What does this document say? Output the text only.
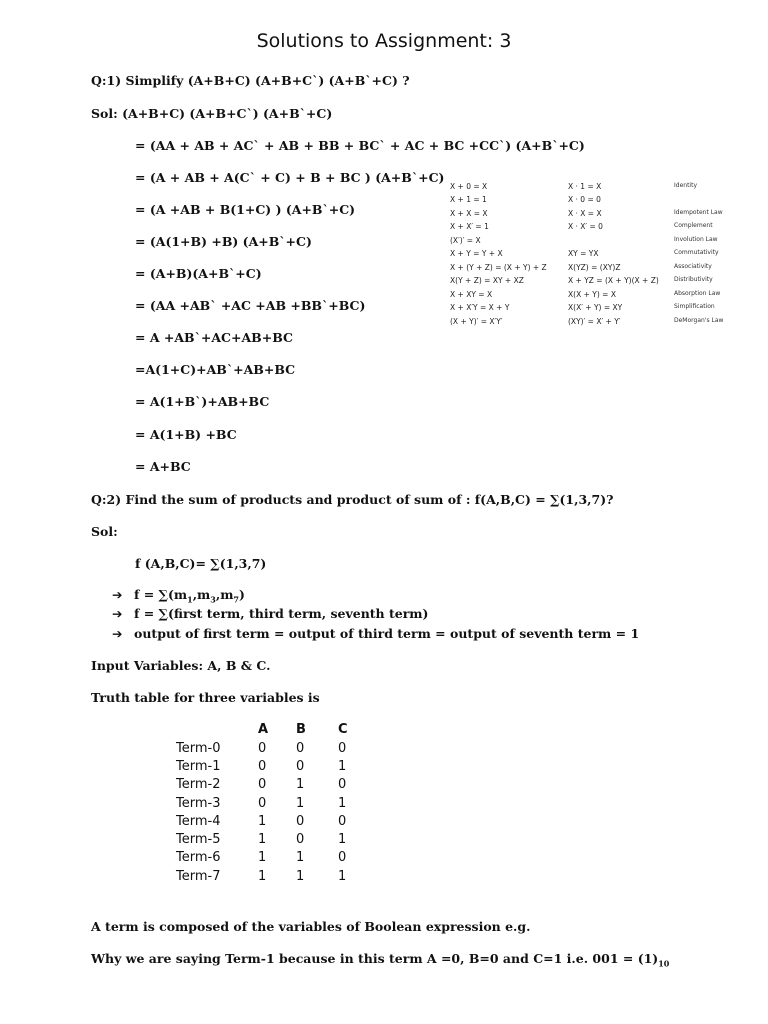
Solutions to Assignment: 3
Q:1) Simplify (A+B+C) (A+B+C`) (A+B`+C) ?
Sol: (A+B+C) (A+B+C`) (A+B`+C)
= (AA + AB + AC` + AB + BB + BC` + AC + BC +CC`) (A+B`+C)
= (A + AB + A(C` + C) + B + BC ) (A+B`+C)
= (A +AB + B(1+C) ) (A+B`+C)
= (A(1+B) +B) (A+B`+C)
= (A+B)(A+B`+C)
= (AA +AB` +AC +AB +BB`+BC)
= A +AB`+AC+AB+BC
=A(1+C)+AB`+AB+BC
= A(1+B`)+AB+BC
= A(1+B) +BC
= A+BC
X + 0 = X	X · 1 = X	Identity
X + 1 = 1	X · 0 = 0
X + X = X	X · X = X	Idempotent Law
X + X′ = 1	X · X′ = 0	Complement
(X′)′ = X	Involution Law
X + Y = Y + X	XY = YX	Commutativity
X + (Y + Z) = (X + Y) + Z	X(YZ) = (XY)Z	Associativity
X(Y + Z) = XY + XZ	X + YZ = (X + Y)(X + Z)	Distributivity
X + XY = X	X(X + Y) = X	Absorption Law
X + X′Y = X + Y	X(X′ + Y) = XY	Simplification
(X + Y)′ = X′Y′	(XY)′ = X′ + Y′	DeMorgan's Law
Q:2) Find the sum of products and product of sum of : f(A,B,C) = ∑(1,3,7)?
Sol:
f (A,B,C)= ∑(1,3,7)
➔ $f = \sum(m_1,m_3,m_7)$
➔ f = ∑(first term, third term, seventh term)
➔ output of first term = output of third term = output of seventh term = 1
Input Variables: A, B & C.
Truth table for three variables is
A B C
Term-0	0 0	0
Term-1	0 0	1
Term-2	0 1	0
Term-3	0 1	1
Term-4	1 0	0
Term-5	1 0	1
Term-6	1 1	0
Term-7	1 1	1
A term is composed of the variables of Boolean expression e.g.
Why we are saying Term-1 because in this term A =0, B=0 and C=1 i.e. $001 = (1)_{10}$
